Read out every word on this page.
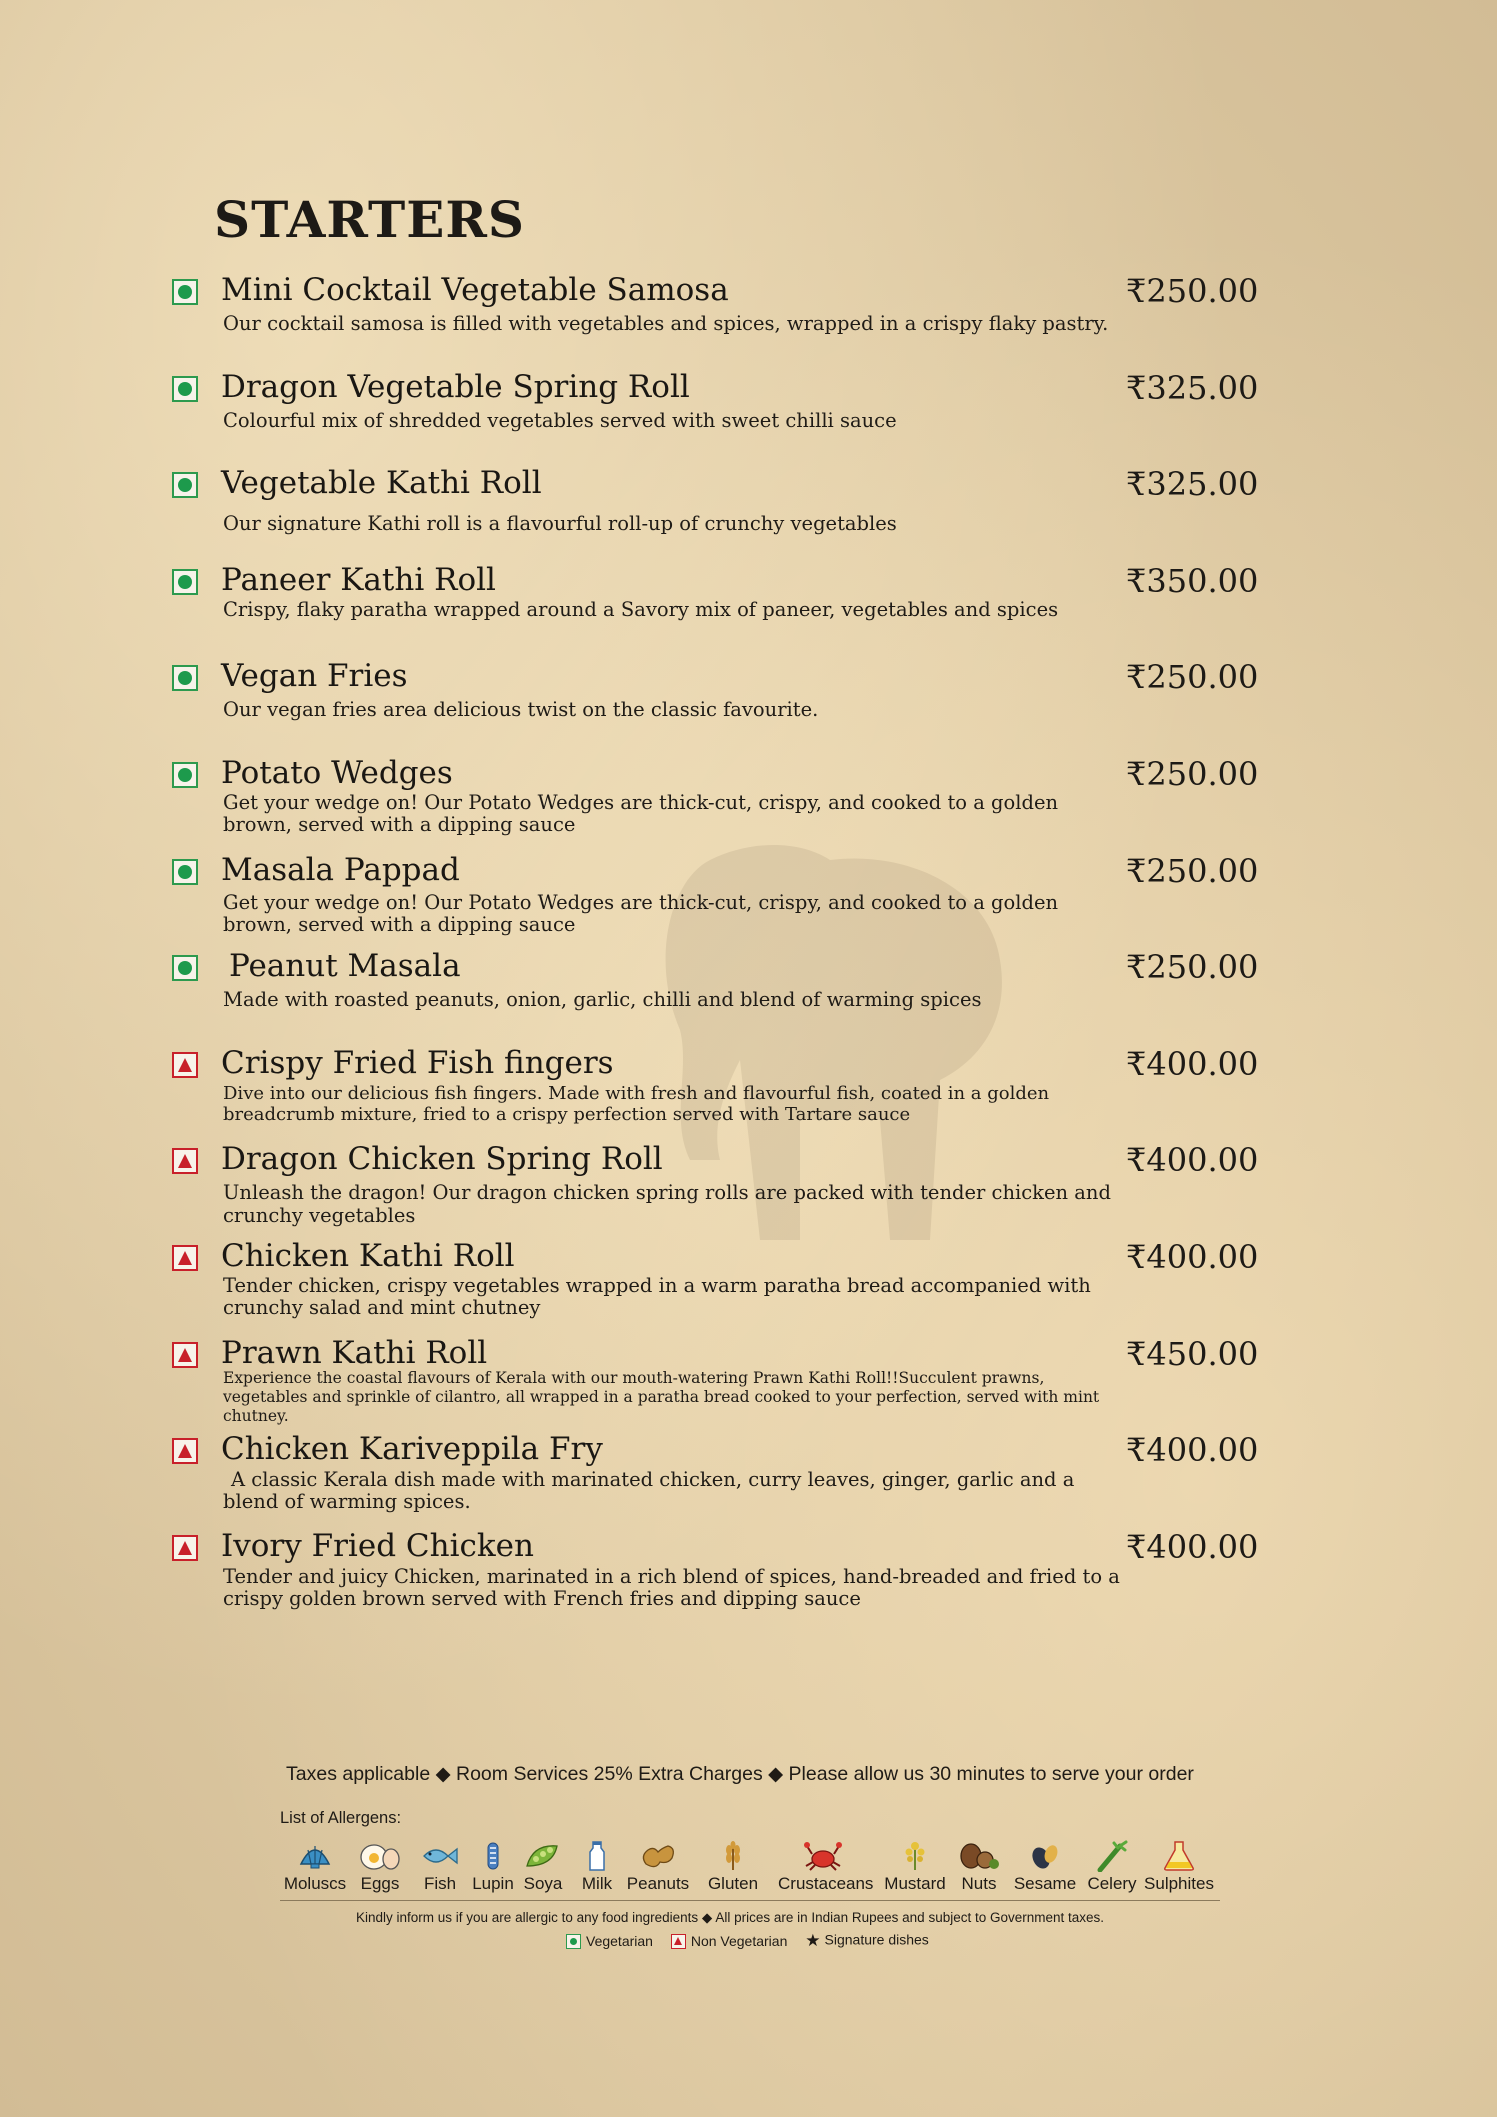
STARTERS
Mini Cocktail Vegetable Samosa	₹250.00
Our cocktail samosa is filled with vegetables and spices, wrapped in a crispy flaky pastry.
Dragon Vegetable Spring Roll	₹325.00
Colourful mix of shredded vegetables served with sweet chilli sauce
Vegetable Kathi Roll	₹325.00
Our signature Kathi roll is a flavourful roll-up of crunchy vegetables
Paneer Kathi Roll	₹350.00
Crispy, flaky paratha wrapped around a Savory mix of paneer, vegetables and spices
Vegan Fries	₹250.00
Our vegan fries area delicious twist on the classic favourite.
Potato Wedges	₹250.00
Get your wedge on! Our Potato Wedges are thick-cut, crispy, and cooked to a golden brown, served with a dipping sauce
Masala Pappad	₹250.00
Get your wedge on! Our Potato Wedges are thick-cut, crispy, and cooked to a golden brown, served with a dipping sauce
Peanut Masala	₹250.00
Made with roasted peanuts, onion, garlic, chilli and blend of warming spices
Crispy Fried Fish fingers	₹400.00
Dive into our delicious fish fingers. Made with fresh and flavourful fish, coated in a golden breadcrumb mixture, fried to a crispy perfection served with Tartare sauce
Dragon Chicken Spring Roll	₹400.00
Unleash the dragon! Our dragon chicken spring rolls are packed with tender chicken and crunchy vegetables
Chicken Kathi Roll	₹400.00
Tender chicken, crispy vegetables wrapped in a warm paratha bread accompanied with crunchy salad and mint chutney
Prawn Kathi Roll	₹450.00
Experience the coastal flavours of Kerala with our mouth-watering Prawn Kathi Roll!!Succulent prawns, vegetables and sprinkle of cilantro, all wrapped in a paratha bread cooked to your perfection, served with mint chutney.
Chicken Kariveppila Fry	₹400.00
A classic Kerala dish made with marinated chicken, curry leaves, ginger, garlic and a blend of warming spices.
Ivory Fried Chicken	₹400.00
Tender and juicy Chicken, marinated in a rich blend of spices, hand-breaded and fried to a crispy golden brown served with French fries and dipping sauce
Taxes applicable ◆ Room Services 25% Extra Charges ◆ Please allow us 30 minutes to serve your order
List of Allergens:
Moluscs Eggs	Fish Lupin Soya	Milk Peanuts	Gluten	Crustaceans Mustard Nuts	Sesame Celery Sulphites
Kindly inform us if you are allergic to any food ingredients ◆ All prices are in Indian Rupees and subject to Government taxes.
Vegetarian	Non Vegetarian ★ Signature dishes
